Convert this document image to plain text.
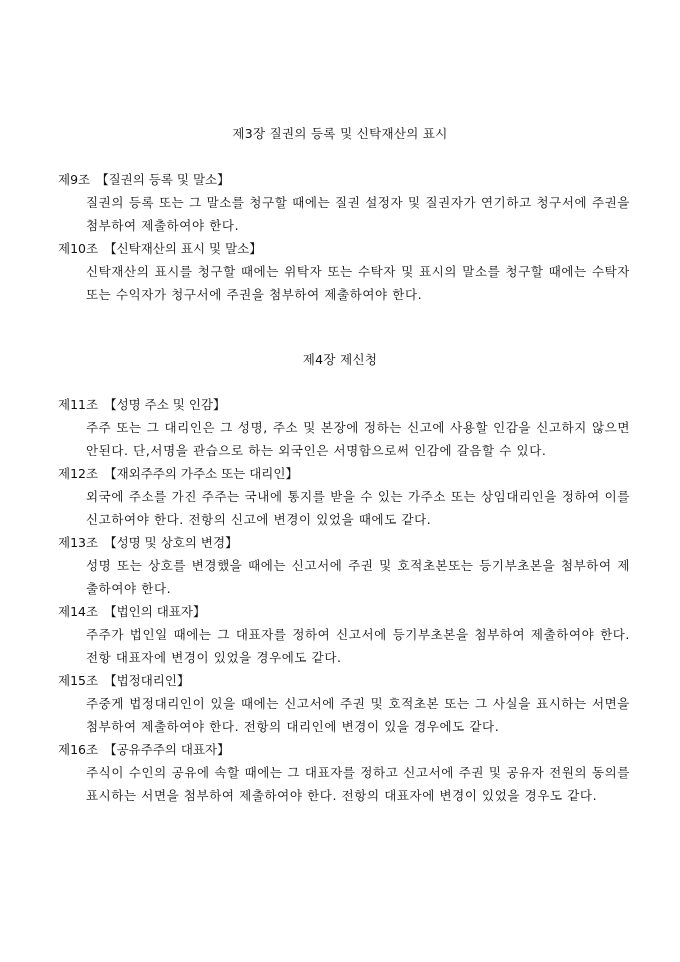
제3장 질권의 등록 및 신탁재산의 표시
제9조 【질권의 등록 및 말소】
질권의 등록 또는 그 말소를 청구할 때에는 질권 설정자 및 질권자가 연기하고 청구서에 주권을 첨부하여 제출하여야 한다.
제10조 【신탁재산의 표시 및 말소】
신탁재산의 표시를 청구할 때에는 위탁자 또는 수탁자 및 표시의 말소를 청구할 때에는 수탁자 또는 수익자가 청구서에 주권을 첨부하여 제출하여야 한다.
제4장 제신청
제11조 【성명 주소 및 인감】
주주 또는 그 대리인은 그 성명, 주소 및 본장에 정하는 신고에 사용할 인감을 신고하지 않으면 안된다. 단,서명을 관습으로 하는 외국인은 서명함으로써 인감에 갈음할 수 있다.
제12조 【재외주주의 가주소 또는 대리인】
외국에 주소를 가진 주주는 국내에 통지를 받을 수 있는 가주소 또는 상임대리인을 정하여 이를 신고하여야 한다. 전항의 신고에 변경이 있었을 때에도 같다.
제13조 【성명 및 상호의 변경】
성명 또는 상호를 변경했을 때에는 신고서에 주권 및 호적초본또는 등기부초본을 첨부하여 제출하여야 한다.
제14조 【법인의 대표자】
주주가 법인일 때에는 그 대표자를 정하여 신고서에 등기부초본을 첨부하여 제출하여야 한다. 전항 대표자에 변경이 있었을 경우에도 같다.
제15조 【법정대리인】
주중게 법정대리인이 있을 때에는 신고서에 주권 및 호적초본 또는 그 사실을 표시하는 서면을 첨부하여 제출하여야 한다. 전항의 대리인에 변경이 있을 경우에도 같다.
제16조 【공유주주의 대표자】
주식이 수인의 공유에 속할 때에는 그 대표자를 정하고 신고서에 주권 및 공유자 전원의 동의를 표시하는 서면을 첨부하여 제출하여야 한다. 전항의 대표자에 변경이 있었을 경우도 같다.
